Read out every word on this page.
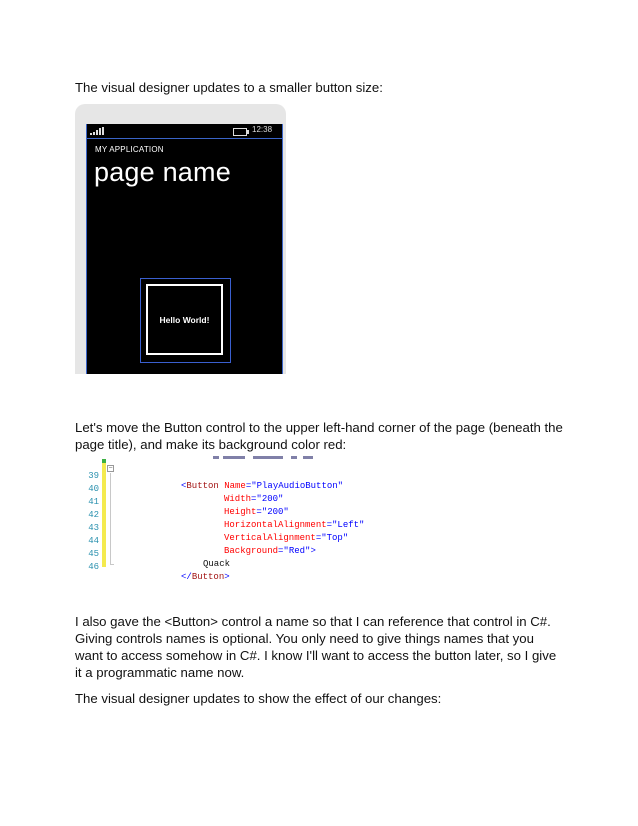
The visual designer updates to a smaller button size:

12:38
MY APPLICATION
page name
Hello World!

Let's move the Button control to the upper left-hand corner of the page (beneath the page title), and make its background color red:

−

39

<Button Name="PlayAudioButton"

40

Width="200"

41

Height="200"

42

HorizontalAlignment="Left"

43

VerticalAlignment="Top"

44

Background="Red">

45

Quack

46

</Button>

I also gave the <Button> control a name so that I can reference that control in C#. Giving controls names is optional. You only need to give things names that you want to access somehow in C#. I know I'll want to access the button later, so I give it a programmatic name now.

The visual designer updates to show the effect of our changes:
